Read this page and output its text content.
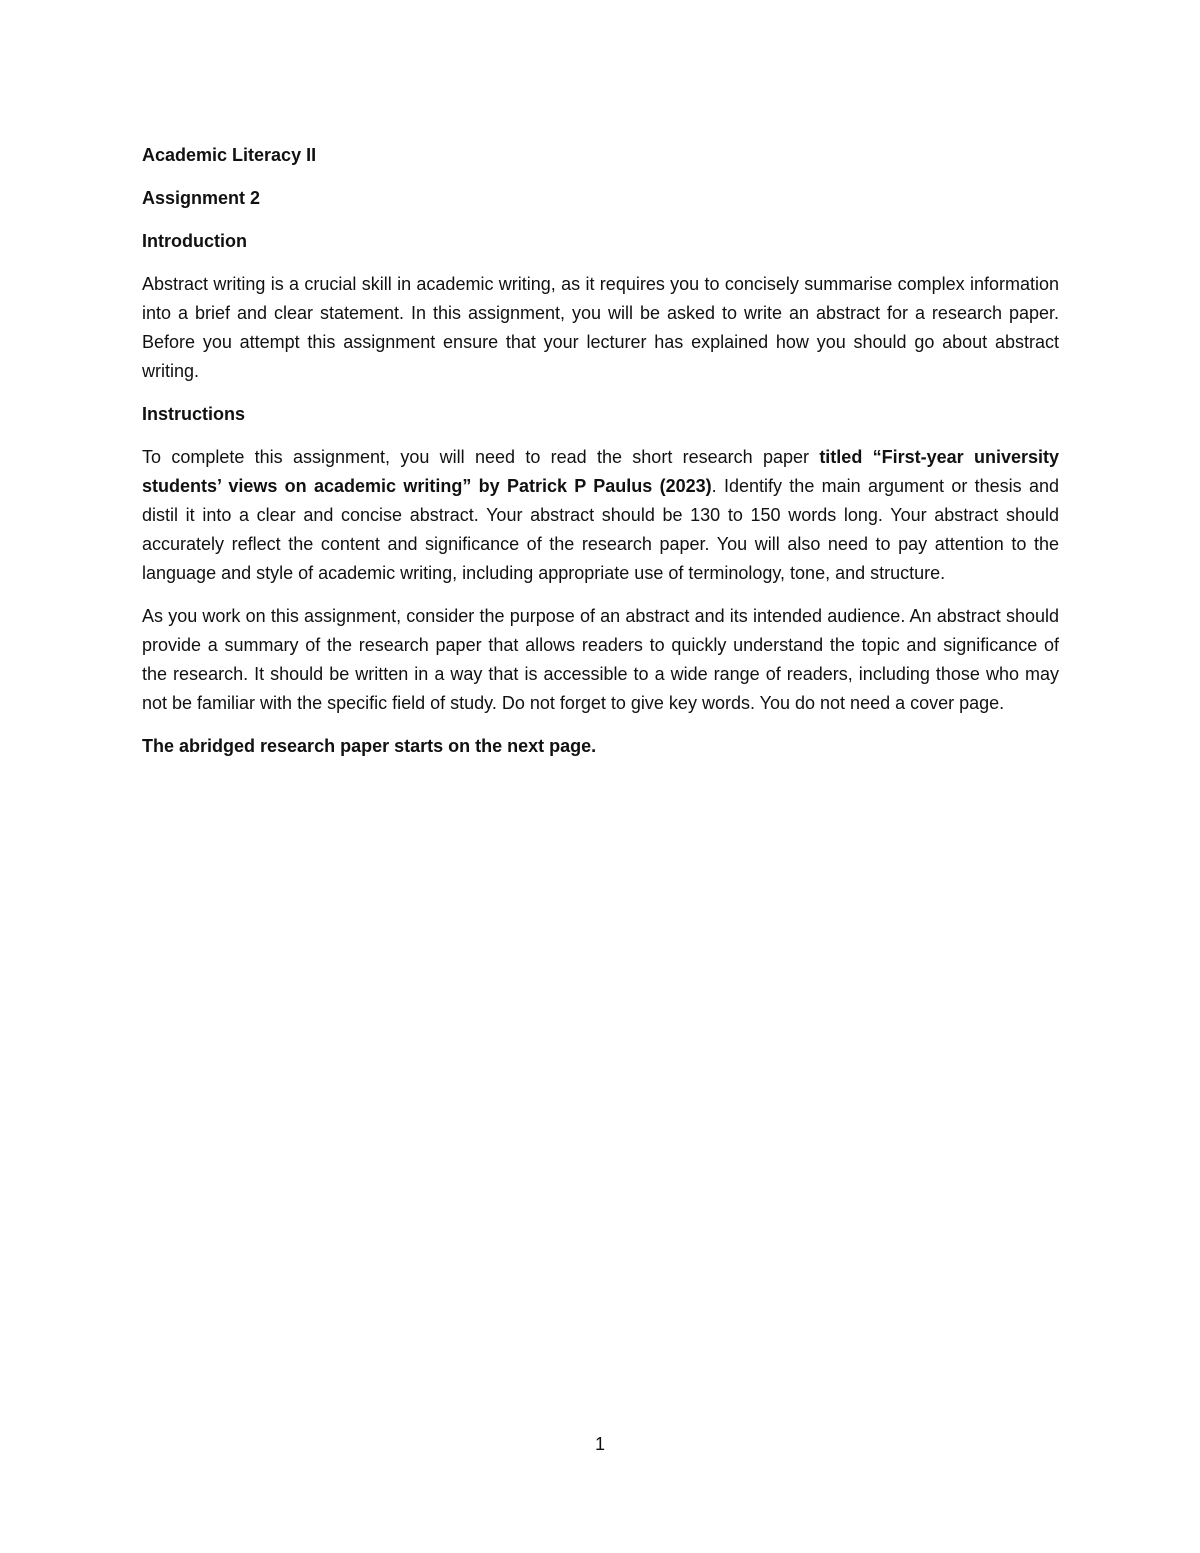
Academic Literacy II

Assignment 2

Introduction

Abstract writing is a crucial skill in academic writing, as it requires you to concisely summarise complex information into a brief and clear statement. In this assignment, you will be asked to write an abstract for a research paper. Before you attempt this assignment ensure that your lecturer has explained how you should go about abstract writing.

Instructions

To complete this assignment, you will need to read the short research paper titled “First-year university students’ views on academic writing” by Patrick P Paulus (2023). Identify the main argument or thesis and distil it into a clear and concise abstract. Your abstract should be 130 to 150 words long. Your abstract should accurately reflect the content and significance of the research paper. You will also need to pay attention to the language and style of academic writing, including appropriate use of terminology, tone, and structure.

As you work on this assignment, consider the purpose of an abstract and its intended audience. An abstract should provide a summary of the research paper that allows readers to quickly understand the topic and significance of the research. It should be written in a way that is accessible to a wide range of readers, including those who may not be familiar with the specific field of study. Do not forget to give key words. You do not need a cover page.

The abridged research paper starts on the next page.

1
